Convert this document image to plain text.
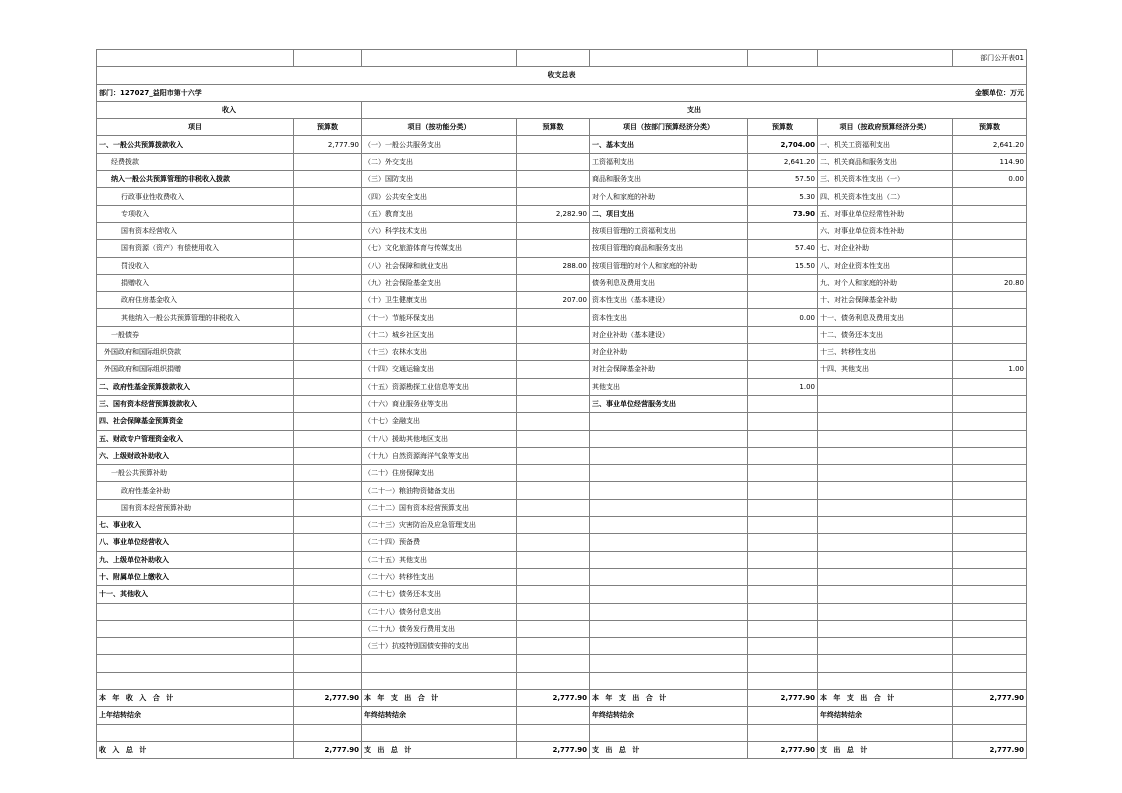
							部门公开表01
收支总表							
部门：127027_益阳市第十六学						金额单位：万元	
收入		支出					
项目	预算数	项目（按功能分类）	预算数	项目（按部门预算经济分类）	预算数	项目（按政府预算经济分类）	预算数
一、一般公共预算拨款收入	2,777.90	（一）一般公共服务支出		一、基本支出	2,704.00	一、机关工资福利支出	2,641.20
经费拨款		（二）外交支出		工资福利支出	2,641.20	二、机关商品和服务支出	114.90
纳入一般公共预算管理的非税收入拨款		（三）国防支出		商品和服务支出	57.50	三、机关资本性支出（一）	0.00
行政事业性收费收入		（四）公共安全支出		对个人和家庭的补助	5.30	四、机关资本性支出（二）	
专项收入		（五）教育支出	2,282.90	二、项目支出	73.90	五、对事业单位经常性补助	
国有资本经营收入		（六）科学技术支出		按项目管理的工资福利支出		六、对事业单位资本性补助	
国有资源（资产）有偿使用收入		（七）文化旅游体育与传媒支出		按项目管理的商品和服务支出	57.40	七、对企业补助	
罚没收入		（八）社会保障和就业支出	288.00	按项目管理的对个人和家庭的补助	15.50	八、对企业资本性支出	
捐赠收入		（九）社会保险基金支出		债务利息及费用支出		九、对个人和家庭的补助	20.80
政府住房基金收入		（十）卫生健康支出	207.00	资本性支出（基本建设）		十、对社会保障基金补助	
其他纳入一般公共预算管理的非税收入		（十一）节能环保支出		资本性支出	0.00	十一、债务利息及费用支出	
一般债券		（十二）城乡社区支出		对企业补助（基本建设）		十二、债务还本支出	
外国政府和国际组织贷款		（十三）农林水支出		对企业补助		十三、转移性支出	
外国政府和国际组织捐赠		（十四）交通运输支出		对社会保障基金补助		十四、其他支出	1.00
二、政府性基金预算拨款收入		（十五）资源勘探工业信息等支出		其他支出	1.00		
三、国有资本经营预算拨款收入		（十六）商业服务业等支出		三、事业单位经营服务支出			
四、社会保障基金预算资金		（十七）金融支出					
五、财政专户管理资金收入		（十八）援助其他地区支出					
六、上级财政补助收入		（十九）自然资源海洋气象等支出					
一般公共预算补助		（二十）住房保障支出					
政府性基金补助		（二十一）粮油物资储备支出					
国有资本经营预算补助		（二十二）国有资本经营预算支出					
七、事业收入		（二十三）灾害防治及应急管理支出					
八、事业单位经营收入		（二十四）预备费					
九、上级单位补助收入		（二十五）其他支出					
十、附属单位上缴收入		（二十六）转移性支出					
十一、其他收入		（二十七）债务还本支出					
		（二十八）债务付息支出					
		（二十九）债务发行费用支出					
		（三十）抗疫特别国债安排的支出					

本 年 收 入 合 计	2,777.90	本 年 支 出 合 计	2,777.90	本 年 支 出 合 计	2,777.90	本 年 支 出 合 计	2,777.90
上年结转结余		年终结转结余		年终结转结余		年终结转结余	

收 入 总 计	2,777.90	支 出 总 计	2,777.90	支 出 总 计	2,777.90	支 出 总 计	2,777.90
